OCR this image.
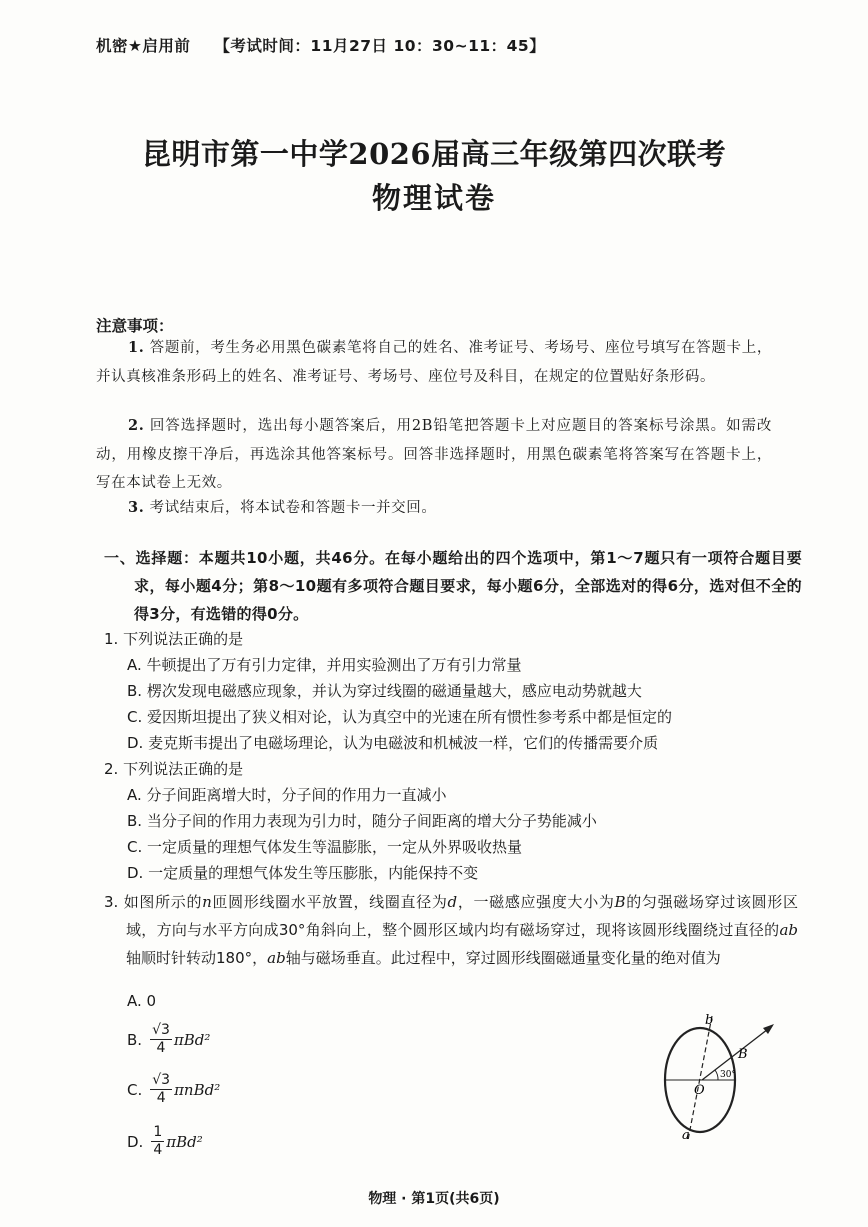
机密★启用前 【考试时间：11月27日 10：30~11：45】
昆明市第一中学2026届高三年级第四次联考
物理试卷
注意事项：
1. 答题前，考生务必用黑色碳素笔将自己的姓名、准考证号、考场号、座位号填写在答题卡上，并认真核准条形码上的姓名、准考证号、考场号、座位号及科目，在规定的位置贴好条形码。
2. 回答选择题时，选出每小题答案后，用2B铅笔把答题卡上对应题目的答案标号涂黑。如需改动，用橡皮擦干净后，再选涂其他答案标号。回答非选择题时，用黑色碳素笔将答案写在答题卡上，写在本试卷上无效。
3. 考试结束后，将本试卷和答题卡一并交回。
一、选择题：本题共10小题，共46分。在每小题给出的四个选项中，第1～7题只有一项符合题目要求，每小题4分；第8～10题有多项符合题目要求，每小题6分，全部选对的得6分，选对但不全的得3分，有选错的得0分。
1. 下列说法正确的是
A. 牛顿提出了万有引力定律，并用实验测出了万有引力常量
B. 楞次发现电磁感应现象，并认为穿过线圈的磁通量越大，感应电动势就越大
C. 爱因斯坦提出了狭义相对论，认为真空中的光速在所有惯性参考系中都是恒定的
D. 麦克斯韦提出了电磁场理论，认为电磁波和机械波一样，它们的传播需要介质
2. 下列说法正确的是
A. 分子间距离增大时，分子间的作用力一直减小
B. 当分子间的作用力表现为引力时，随分子间距离的增大分子势能减小
C. 一定质量的理想气体发生等温膨胀，一定从外界吸收热量
D. 一定质量的理想气体发生等压膨胀，内能保持不变
3. 如图所示的n匝圆形线圈水平放置，线圈直径为d，一磁感应强度大小为B的匀强磁场穿过该圆形区域，方向与水平方向成30°角斜向上，整个圆形区域内均有磁场穿过，现将该圆形线圈绕过直径的ab轴顺时针转动180°，ab轴与磁场垂直。此过程中，穿过圆形线圈磁通量变化量的绝对值为
A. 0
B. $\frac{√3}{4} \pi Bd^2$
C. $\frac{√3}{4} \pi nBd^2$
D. $\frac{1}{4} \pi Bd^2$
30°
b
a
O
B
物理 · 第1页(共6页)
